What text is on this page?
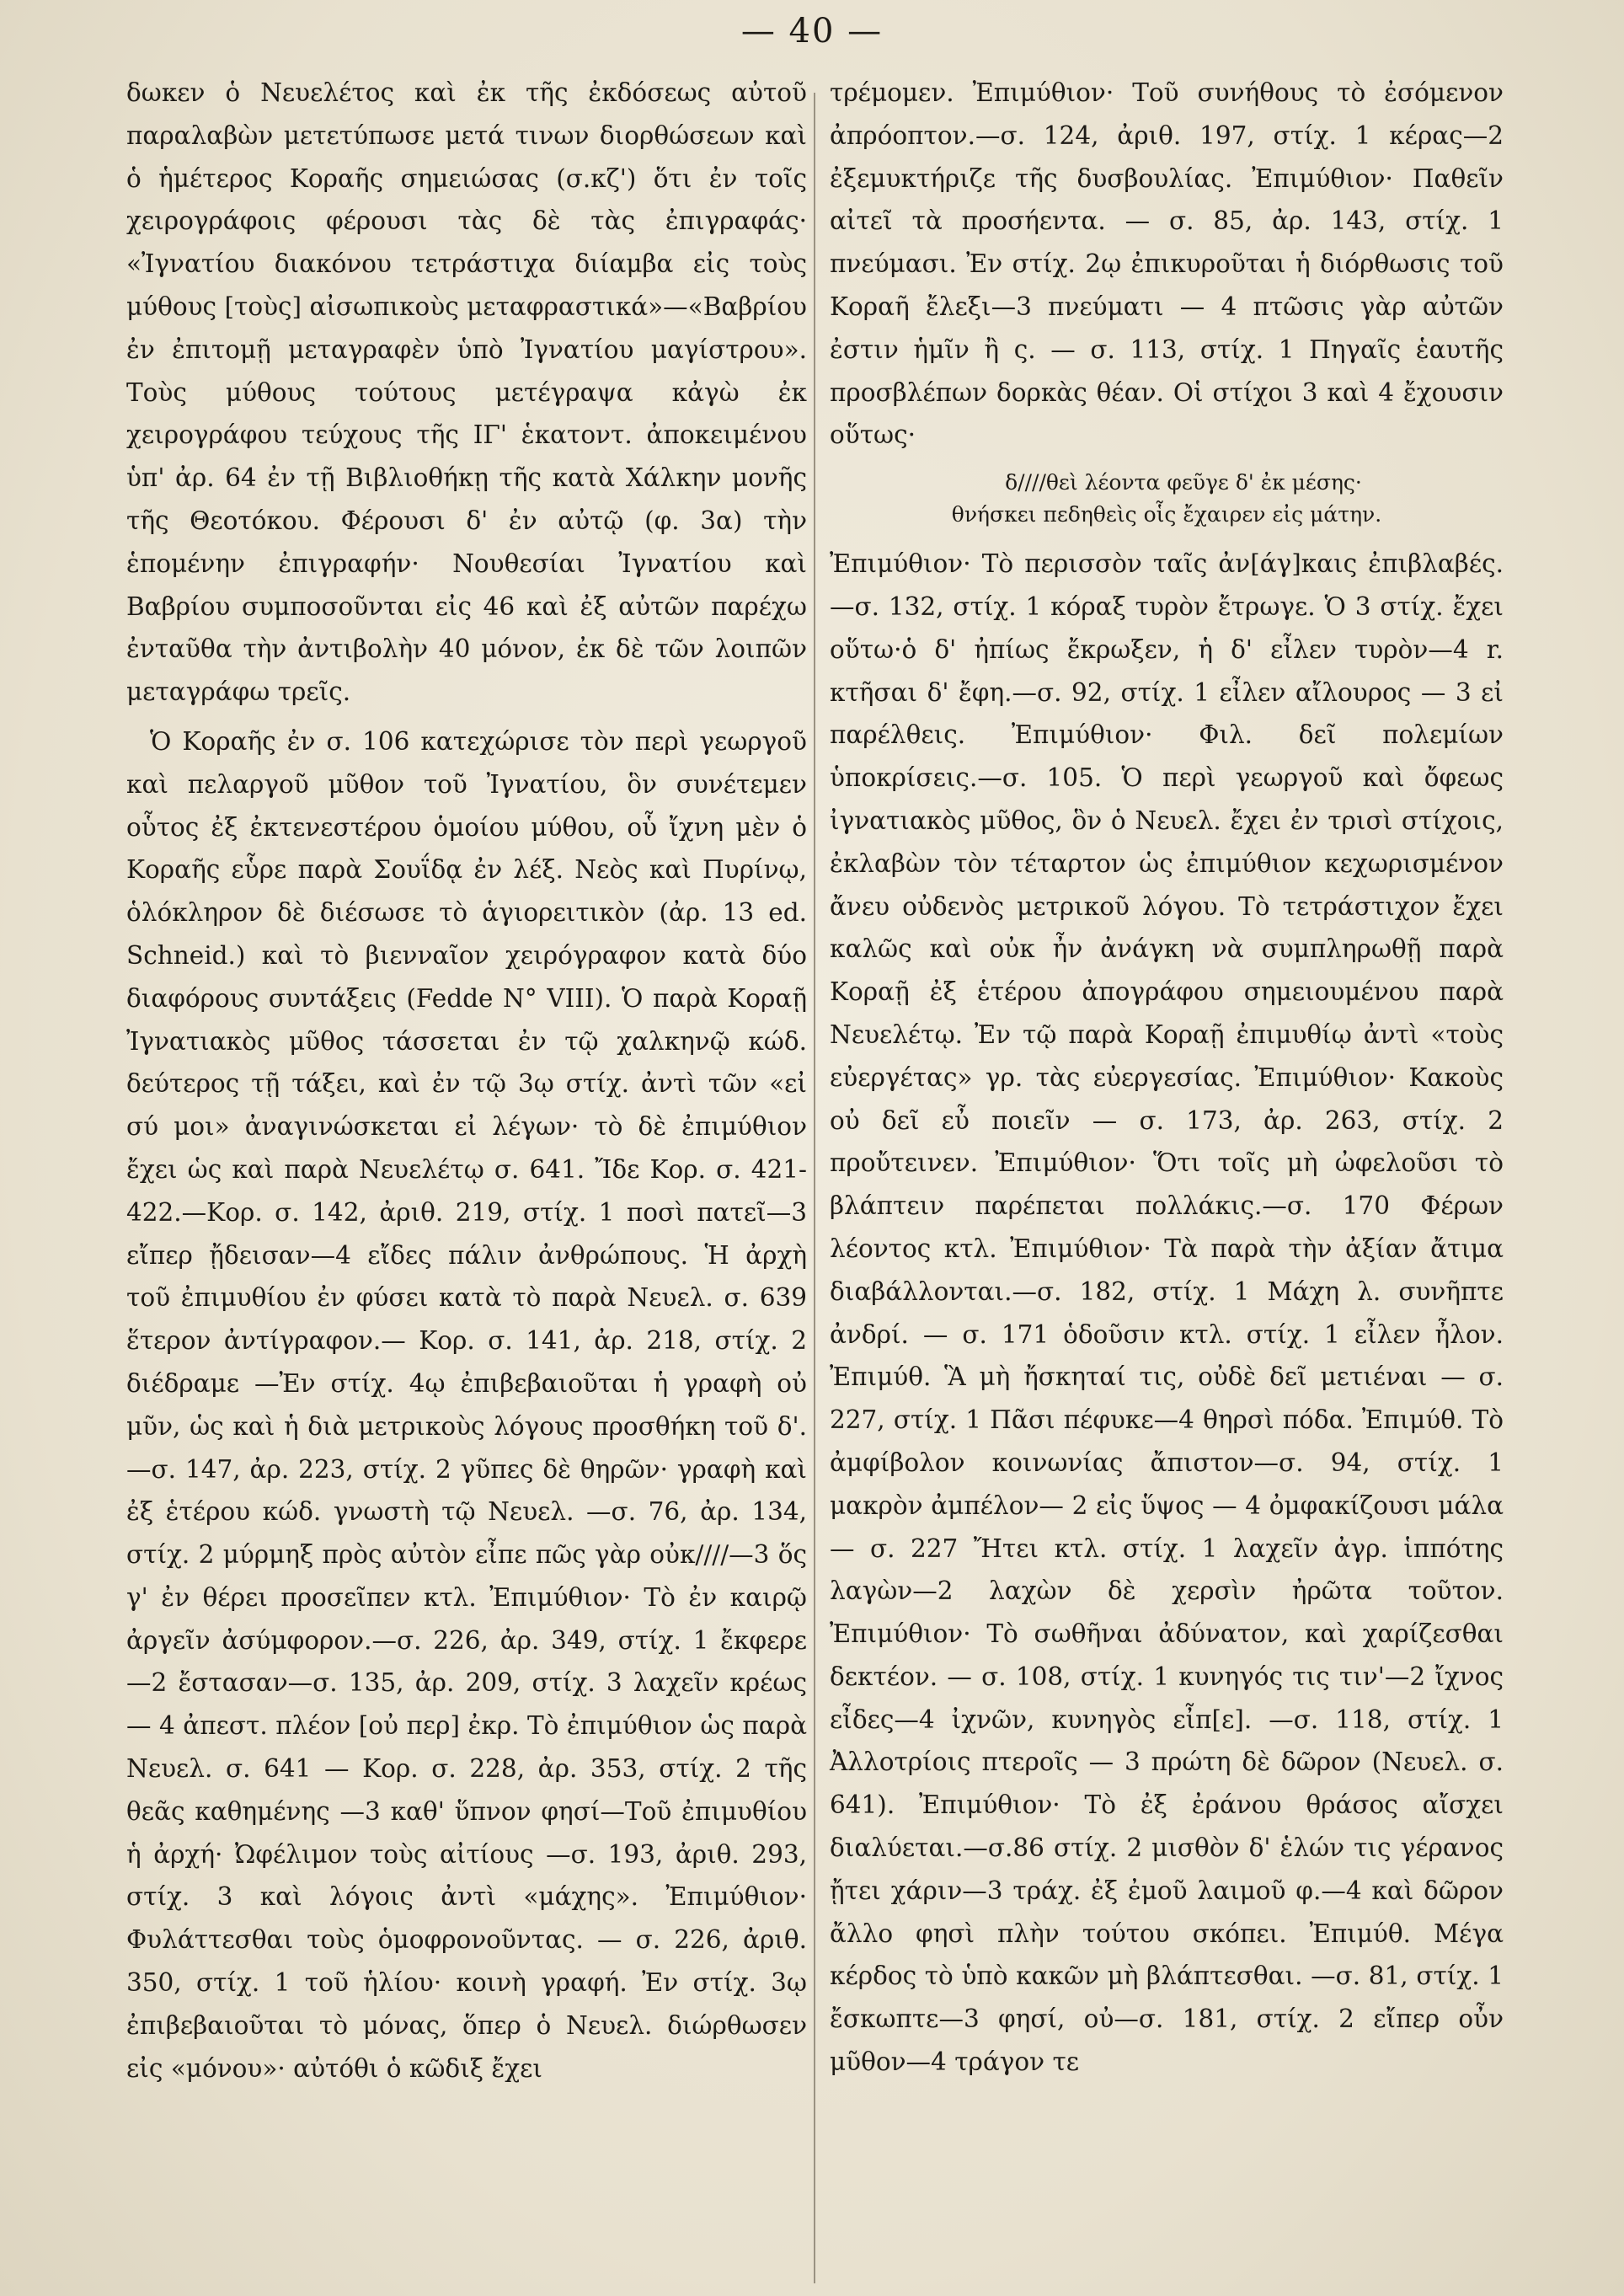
— 40 —

δωκεν ὁ Νευελέτος καὶ ἐκ τῆς ἐκδόσεως αὐτοῦ παραλαβὼν μετετύπωσε μετά τινων διορθώσεων καὶ ὁ ἡμέτερος Κοραῆς σημειώσας (σ.κζ') ὅτι ἐν τοῖς χειρογράφοις φέρουσι τὰς δὲ τὰς ἐπιγραφάς· «Ἰγνατίου διακόνου τετράστιχα διίαμβα εἰς τοὺς μύθους [τοὺς] αἰσωπικοὺς μεταφραστικά»—«Βαβρίου ἐν ἐπιτομῇ μεταγραφὲν ὑπὸ Ἰγνατίου μαγίστρου». Τοὺς μύθους τούτους μετέγραψα κἀγὼ ἐκ χειρογράφου τεύχους τῆς ΙΓ' ἑκατοντ. ἀποκειμένου ὑπ' ἀρ. 64 ἐν τῇ Βιβλιοθήκῃ τῆς κατὰ Χάλκην μονῆς τῆς Θεοτόκου. Φέρουσι δ' ἐν αὐτῷ (φ. 3α) τὴν ἑπομένην ἐπιγραφήν· Νουθεσίαι Ἰγνατίου καὶ Βαβρίου συμποσοῦνται εἰς 46 καὶ ἐξ αὐτῶν παρέχω ἐνταῦθα τὴν ἀντιβολὴν 40 μόνον, ἐκ δὲ τῶν λοιπῶν μεταγράφω τρεῖς.

Ὁ Κοραῆς ἐν σ. 106 κατεχώρισε τὸν περὶ γεωργοῦ καὶ πελαργοῦ μῦθον τοῦ Ἰγνατίου, ὃν συνέτεμεν οὗτος ἐξ ἐκτενεστέρου ὁμοίου μύθου, οὗ ἴχνη μὲν ὁ Κοραῆς εὗρε παρὰ Σουΐδᾳ ἐν λέξ. Νεὸς καὶ Πυρίνῳ, ὁλόκληρον δὲ διέσωσε τὸ ἁγιορειτικὸν (ἀρ. 13 ed. Schneid.) καὶ τὸ βιενναῖον χειρόγραφον κατὰ δύο διαφόρους συντάξεις (Fedde N° VIII). Ὁ παρὰ Κοραῇ Ἰγνατιακὸς μῦθος τάσσεται ἐν τῷ χαλκηνῷ κώδ. δεύτερος τῇ τάξει, καὶ ἐν τῷ 3ῳ στίχ. ἀντὶ τῶν «εἰ σύ μοι» ἀναγινώσκεται εἰ λέγων· τὸ δὲ ἐπιμύθιον ἔχει ὡς καὶ παρὰ Νευελέτῳ σ. 641. Ἴδε Κορ. σ. 421-422.—Κορ. σ. 142, ἀριθ. 219, στίχ. 1 ποσὶ πατεῖ—3 εἴπερ ᾔδεισαν—4 εἴδες πάλιν ἀνθρώπους. Ἡ ἀρχὴ τοῦ ἐπιμυθίου ἐν φύσει κατὰ τὸ παρὰ Νευελ. σ. 639 ἕτερον ἀντίγραφον.— Κορ. σ. 141, ἀρ. 218, στίχ. 2 διέδραμε —Ἐν στίχ. 4ῳ ἐπιβεβαιοῦται ἡ γραφὴ οὐ μῦν, ὡς καὶ ἡ διὰ μετρικοὺς λόγους προσθήκη τοῦ δ'. —σ. 147, ἀρ. 223, στίχ. 2 γῦπες δὲ θηρῶν· γραφὴ καὶ ἐξ ἑτέρου κώδ. γνωστὴ τῷ Νευελ. —σ. 76, ἀρ. 134, στίχ. 2 μύρμηξ πρὸς αὐτὸν εἶπε πῶς γὰρ οὐκ////—3 ὅς γ' ἐν θέρει προσεῖπεν κτλ. Ἐπιμύθιον· Τὸ ἐν καιρῷ ἀργεῖν ἀσύμφορον.—σ. 226, ἀρ. 349, στίχ. 1 ἔκφερε —2 ἔστασαν—σ. 135, ἀρ. 209, στίχ. 3 λαχεῖν κρέως — 4 ἀπεστ. πλέον [οὐ περ] ἐκρ. Τὸ ἐπιμύθιον ὡς παρὰ Νευελ. σ. 641 — Κορ. σ. 228, ἀρ. 353, στίχ. 2 τῆς θεᾶς καθημένης —3 καθ' ὕπνον φησί—Τοῦ ἐπιμυθίου ἡ ἀρχή· Ὠφέλιμον τοὺς αἰτίους —σ. 193, ἀριθ. 293, στίχ. 3 καὶ λόγοις ἀντὶ «μάχης». Ἐπιμύθιον· Φυλάττεσθαι τοὺς ὁμοφρονοῦντας. — σ. 226, ἀριθ. 350, στίχ. 1 τοῦ ἡλίου· κοινὴ γραφή. Ἐν στίχ. 3ῳ ἐπιβεβαιοῦται τὸ μόνας, ὅπερ ὁ Νευελ. διώρθωσεν εἰς «μόνου»· αὐτόθι ὁ κῶδιξ ἔχει

τρέμομεν. Ἐπιμύθιον· Τοῦ συνήθους τὸ ἐσόμενον ἀπρόοπτον.—σ. 124, ἀριθ. 197, στίχ. 1 κέρας—2 ἐξεμυκτήριζε τῆς δυσβουλίας. Ἐπιμύθιον· Παθεῖν αἰτεῖ τὰ προσήεντα. — σ. 85, ἀρ. 143, στίχ. 1 πνεύμασι. Ἐν στίχ. 2ῳ ἐπικυροῦται ἡ διόρθωσις τοῦ Κοραῆ ἔλεξι—3 πνεύματι — 4 πτῶσις γὰρ αὐτῶν ἐστιν ἡμῖν ἢ ς. — σ. 113, στίχ. 1 Πηγαῖς ἑαυτῆς προσβλέπων δορκὰς θέαν. Οἱ στίχοι 3 καὶ 4 ἔχουσιν οὕτως·

δ////θεὶ λέοντα φεῦγε δ' ἐκ μέσης·
θνήσκει πεδηθεὶς οἷς ἔχαιρεν εἰς μάτην.

Ἐπιμύθιον· Τὸ περισσὸν ταῖς ἀν[άγ]καις ἐπιβλαβές.—σ. 132, στίχ. 1 κόραξ τυρὸν ἔτρωγε. Ὁ 3 στίχ. ἔχει οὕτω·ὁ δ' ἠπίως ἔκρωξεν, ἡ δ' εἶλεν τυρὸν—4 r. κτῆσαι δ' ἔφη.—σ. 92, στίχ. 1 εἶλεν αἴλουρος — 3 εἰ παρέλθεις. Ἐπιμύθιον· Φιλ. δεῖ πολεμίων ὑποκρίσεις.—σ. 105. Ὁ περὶ γεωργοῦ καὶ ὄφεως ἰγνατιακὸς μῦθος, ὃν ὁ Νευελ. ἔχει ἐν τρισὶ στίχοις, ἐκλαβὼν τὸν τέταρτον ὡς ἐπιμύθιον κεχωρισμένον ἄνευ οὐδενὸς μετρικοῦ λόγου. Τὸ τετράστιχον ἔχει καλῶς καὶ οὐκ ἦν ἀνάγκη νὰ συμπληρωθῇ παρὰ Κοραῇ ἐξ ἑτέρου ἀπογράφου σημειουμένου παρὰ Νευελέτῳ. Ἐν τῷ παρὰ Κοραῇ ἐπιμυθίῳ ἀντὶ «τοὺς εὐεργέτας» γρ. τὰς εὐεργεσίας. Ἐπιμύθιον· Κακοὺς οὐ δεῖ εὖ ποιεῖν — σ. 173, ἀρ. 263, στίχ. 2 προὔτεινεν. Ἐπιμύθιον· Ὅτι τοῖς μὴ ὠφελοῦσι τὸ βλάπτειν παρέπεται πολλάκις.—σ. 170 Φέρων λέοντος κτλ. Ἐπιμύθιον· Τὰ παρὰ τὴν ἀξίαν ἄτιμα διαβάλλονται.—σ. 182, στίχ. 1 Μάχη λ. συνῆπτε ἀνδρί. — σ. 171 ὁδοῦσιν κτλ. στίχ. 1 εἶλεν ἦλον. Ἐπιμύθ. Ἃ μὴ ἤσκηταί τις, οὐδὲ δεῖ μετιέναι — σ. 227, στίχ. 1 Πᾶσι πέφυκε—4 θηρσὶ πόδα. Ἐπιμύθ. Τὸ ἀμφίβολον κοινωνίας ἄπιστον—σ. 94, στίχ. 1 μακρὸν ἀμπέλον— 2 εἰς ὕψος — 4 ὀμφακίζουσι μάλα — σ. 227 Ἤτει κτλ. στίχ. 1 λαχεῖν ἀγρ. ἱππότης λαγὼν—2 λαχὼν δὲ χερσὶν ἠρῶτα τοῦτον. Ἐπιμύθιον· Τὸ σωθῆναι ἀδύνατον, καὶ χαρίζεσθαι δεκτέον. — σ. 108, στίχ. 1 κυνηγός τις τιν'—2 ἴχνος εἶδες—4 ἰχνῶν, κυνηγὸς εἶπ[ε]. —σ. 118, στίχ. 1 Ἀλλοτρίοις πτεροῖς — 3 πρώτη δὲ δῶρον (Νευελ. σ. 641). Ἐπιμύθιον· Τὸ ἐξ ἐράνου θράσος αἴσχει διαλύεται.—σ.86 στίχ. 2 μισθὸν δ' ἑλών τις γέρανος ᾔτει χάριν—3 τράχ. ἐξ ἐμοῦ λαιμοῦ φ.—4 καὶ δῶρον ἄλλο φησὶ πλὴν τούτου σκόπει. Ἐπιμύθ. Μέγα κέρδος τὸ ὑπὸ κακῶν μὴ βλάπτεσθαι. —σ. 81, στίχ. 1 ἔσκωπτε—3 φησί, οὐ—σ. 181, στίχ. 2 εἴπερ οὖν μῦθον—4 τράγον τε
